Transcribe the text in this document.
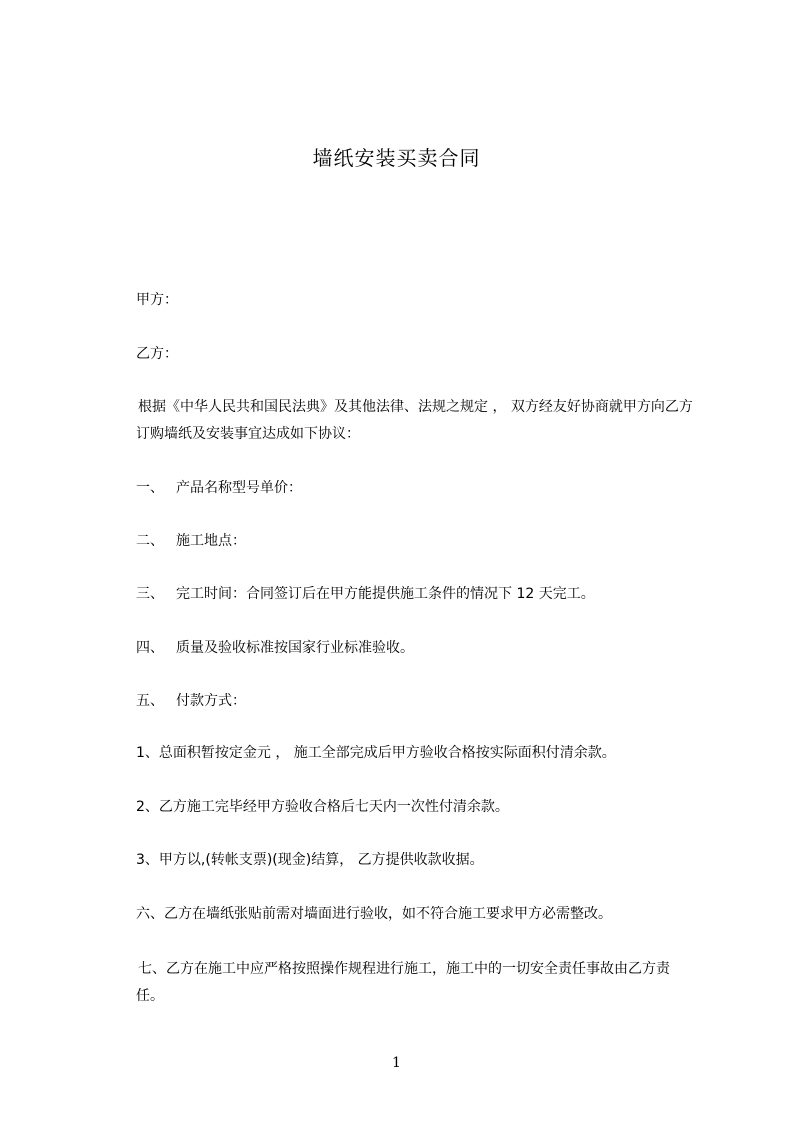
墙纸安装买卖合同
甲方：
乙方：
根据《中华人民共和国民法典》及其他法律、法规之规定 ， 双方经友好协商就甲方向乙方订购墙纸及安装事宜达成如下协议：
一、 产品名称型号单价：
二、 施工地点：
三、 完工时间：合同签订后在甲方能提供施工条件的情况下 12 天完工。
四、 质量及验收标准按国家行业标准验收。
五、 付款方式：
1、总面积暂按定金元 ， 施工全部完成后甲方验收合格按实际面积付清余款。
2、乙方施工完毕经甲方验收合格后七天内一次性付清余款。
3、甲方以,(转帐支票)(现金)结算， 乙方提供收款收据。
六、乙方在墙纸张贴前需对墙面进行验收，如不符合施工要求甲方必需整改。
七、乙方在施工中应严格按照操作规程进行施工，施工中的一切安全责任事故由乙方责任。
1
